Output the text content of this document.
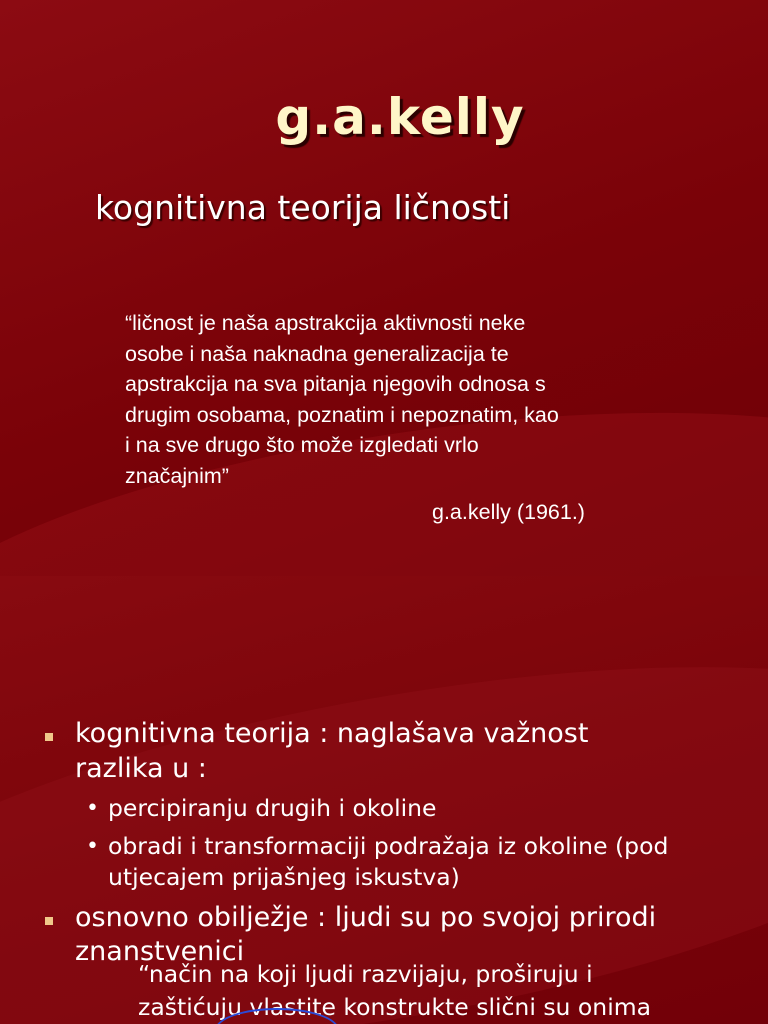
g.a.kelly
kognitivna teorija ličnosti
“ličnost je naša apstrakcija aktivnosti neke
osobe i naša naknadna generalizacija te
apstrakcija na sva pitanja njegovih odnosa s
drugim osobama, poznatim i nepoznatim, kao
i na sve drugo što može izgledati vrlo
značajnim”
g.a.kelly (1961.)
kognitivna teorija : naglašava važnost
razlika u :
• percipiranju drugih i okoline
• obradi i transformaciji podražaja iz okoline (pod
utjecajem prijašnjeg iskustva)
osnovno obilježje : ljudi su po svojoj prirodi
znanstvenici
“način na koji ljudi razvijaju, proširuju i
zaštićuju vlastite konstrukte slični su onima
